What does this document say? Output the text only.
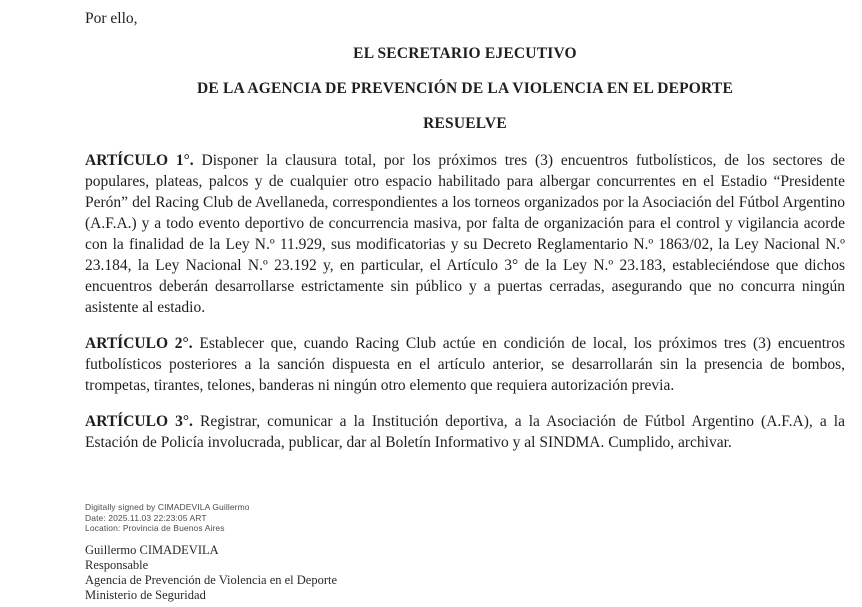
Por ello,

EL SECRETARIO EJECUTIVO
DE LA AGENCIA DE PREVENCIÓN DE LA VIOLENCIA EN EL DEPORTE
RESUELVE

ARTÍCULO 1°. Disponer la clausura total, por los próximos tres (3) encuentros futbolísticos, de los sectores de populares, plateas, palcos y de cualquier otro espacio habilitado para albergar concurrentes en el Estadio “Presidente Perón” del Racing Club de Avellaneda, correspondientes a los torneos organizados por la Asociación del Fútbol Argentino (A.F.A.) y a todo evento deportivo de concurrencia masiva, por falta de organización para el control y vigilancia acorde con la finalidad de la Ley N.º 11.929, sus modificatorias y su Decreto Reglamentario N.º 1863/02, la Ley Nacional N.º 23.184, la Ley Nacional N.º 23.192 y, en particular, el Artículo 3° de la Ley N.º 23.183, estableciéndose que dichos encuentros deberán desarrollarse estrictamente sin público y a puertas cerradas, asegurando que no concurra ningún asistente al estadio.

ARTÍCULO 2°. Establecer que, cuando Racing Club actúe en condición de local, los próximos tres (3) encuentros futbolísticos posteriores a la sanción dispuesta en el artículo anterior, se desarrollarán sin la presencia de bombos, trompetas, tirantes, telones, banderas ni ningún otro elemento que requiera autorización previa.

ARTÍCULO 3°. Registrar, comunicar a la Institución deportiva, a la Asociación de Fútbol Argentino (A.F.A), a la Estación de Policía involucrada, publicar, dar al Boletín Informativo y al SINDMA. Cumplido, archivar.

Digitally signed by CIMADEVILA Guillermo
Date: 2025.11.03 22:23:05 ART
Location: Provincia de Buenos Aires
Guillermo CIMADEVILA
Responsable
Agencia de Prevención de Violencia en el Deporte
Ministerio de Seguridad
